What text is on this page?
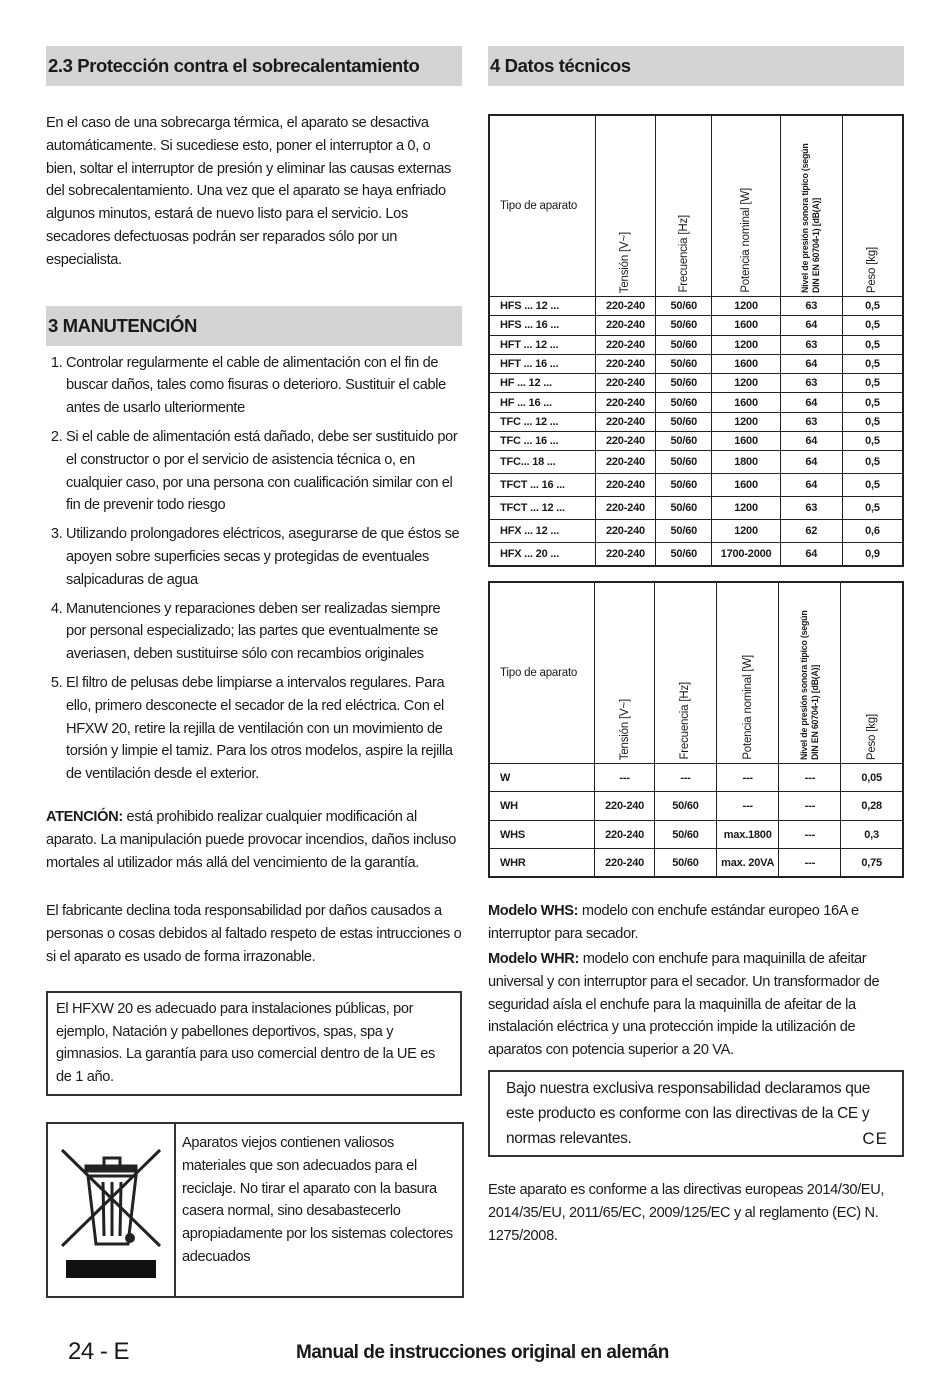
2.3 Protección contra el sobrecalentamiento

En el caso de una sobrecarga térmica, el aparato se desactiva automáticamente. Si sucediese esto, poner el interruptor a 0, o bien, soltar el interruptor de presión y eliminar las causas externas del sobrecalentamiento. Una vez que el aparato se haya enfriado algunos minutos, estará de nuevo listo para el servicio. Los secadores defectuosas podrán ser reparados sólo por un especialista.

3 MANUTENCIÓN
1. Controlar regularmente el cable de alimentación con el fin de buscar daños, tales como fisuras o deterioro. Sustituir el cable antes de usarlo ulteriormente
2. Si el cable de alimentación está dañado, debe ser sustituido por el constructor o por el servicio de asistencia técnica o, en cualquier caso, por una persona con cualificación similar con el fin de prevenir todo riesgo
3. Utilizando prolongadores eléctricos, asegurarse de que éstos se apoyen sobre superficies secas y protegidas de eventuales salpicaduras de agua
4. Manutenciones y reparaciones deben ser realizadas siempre por personal especializado; las partes que eventualmente se averiasen, deben sustituirse sólo con recambios originales
5. El filtro de pelusas debe limpiarse a intervalos regulares. Para ello, primero desconecte el secador de la red eléctrica. Con el HFXW 20, retire la rejilla de ventilación con un movimiento de torsión y limpie el tamiz. Para los otros modelos, aspire la rejilla de ventilación desde el exterior.

ATENCIÓN: está prohibido realizar cualquier modificación al aparato. La manipulación puede provocar incendios, daños incluso mortales al utilizador más allá del vencimiento de la garantía.

El fabricante declina toda responsabilidad por daños causados a personas o cosas debidos al faltado respeto de estas intrucciones o si el aparato es usado de forma irrazonable.

El HFXW 20 es adecuado para instalaciones públicas, por ejemplo, Natación y pabellones deportivos, spas, spa y gimnasios. La garantía para uso comercial dentro de la UE es de 1 año.
Aparatos viejos contienen valiosos materiales que son adecuados para el reciclaje. No tirar el aparato con la basura casera normal, sino desabastecerlo apropiadamente por los sistemas colectores adecuados
4 Datos técnicos
Tipo de aparato	Tensión [V~]	Frecuencia [Hz]	Potencia nominal [W]	Nivel de presión sonora típico (según DIN EN 60704-1) [dB(A)]	Peso [kg]
HFS ... 12 ...	220-240	50/60	1200	63	0,5
HFS ... 16 ...	220-240	50/60	1600	64	0,5
HFT ... 12 ...	220-240	50/60	1200	63	0,5
HFT ... 16 ...	220-240	50/60	1600	64	0,5
HF ... 12 ...	220-240	50/60	1200	63	0,5
HF ... 16 ...	220-240	50/60	1600	64	0,5
TFC ... 12 ...	220-240	50/60	1200	63	0,5
TFC ... 16 ...	220-240	50/60	1600	64	0,5
TFC... 18 ...	220-240	50/60	1800	64	0,5
TFCT ... 16 ...	220-240	50/60	1600	64	0,5
TFCT ... 12 ...	220-240	50/60	1200	63	0,5
HFX ... 12 ...	220-240	50/60	1200	62	0,6
HFX ... 20 ...	220-240	50/60	1700-2000	64	0,9
Tipo de aparato	Tensión [V~]	Frecuencia [Hz]	Potencia nominal [W]	Nivel de presión sonora típico (según DIN EN 60704-1) [dB(A)]	Peso [kg]
W	---	---	---	---	0,05
WH	220-240	50/60	---	---	0,28
WHS	220-240	50/60	max.1800	---	0,3
WHR	220-240	50/60	max. 20VA	---	0,75

Modelo WHS: modelo con enchufe estándar europeo 16A e interruptor para secador.

Modelo WHR: modelo con enchufe para maquinilla de afeitar universal y con interruptor para el secador. Un transformador de seguridad aísla el enchufe para la maquinilla de afeitar de la instalación eléctrica y una protección impide la utilización de aparatos con potencia superior a 20 VA.

Bajo nuestra exclusiva responsabilidad declaramos que este producto es conforme con las directivas de la CE y normas relevantes.	CE

Este aparato es conforme a las directivas europeas 2014/30/EU, 2014/35/EU, 2011/65/EC, 2009/125/EC y al reglamento (EC) N. 1275/2008.

24 - E	Manual de instrucciones original en alemán
